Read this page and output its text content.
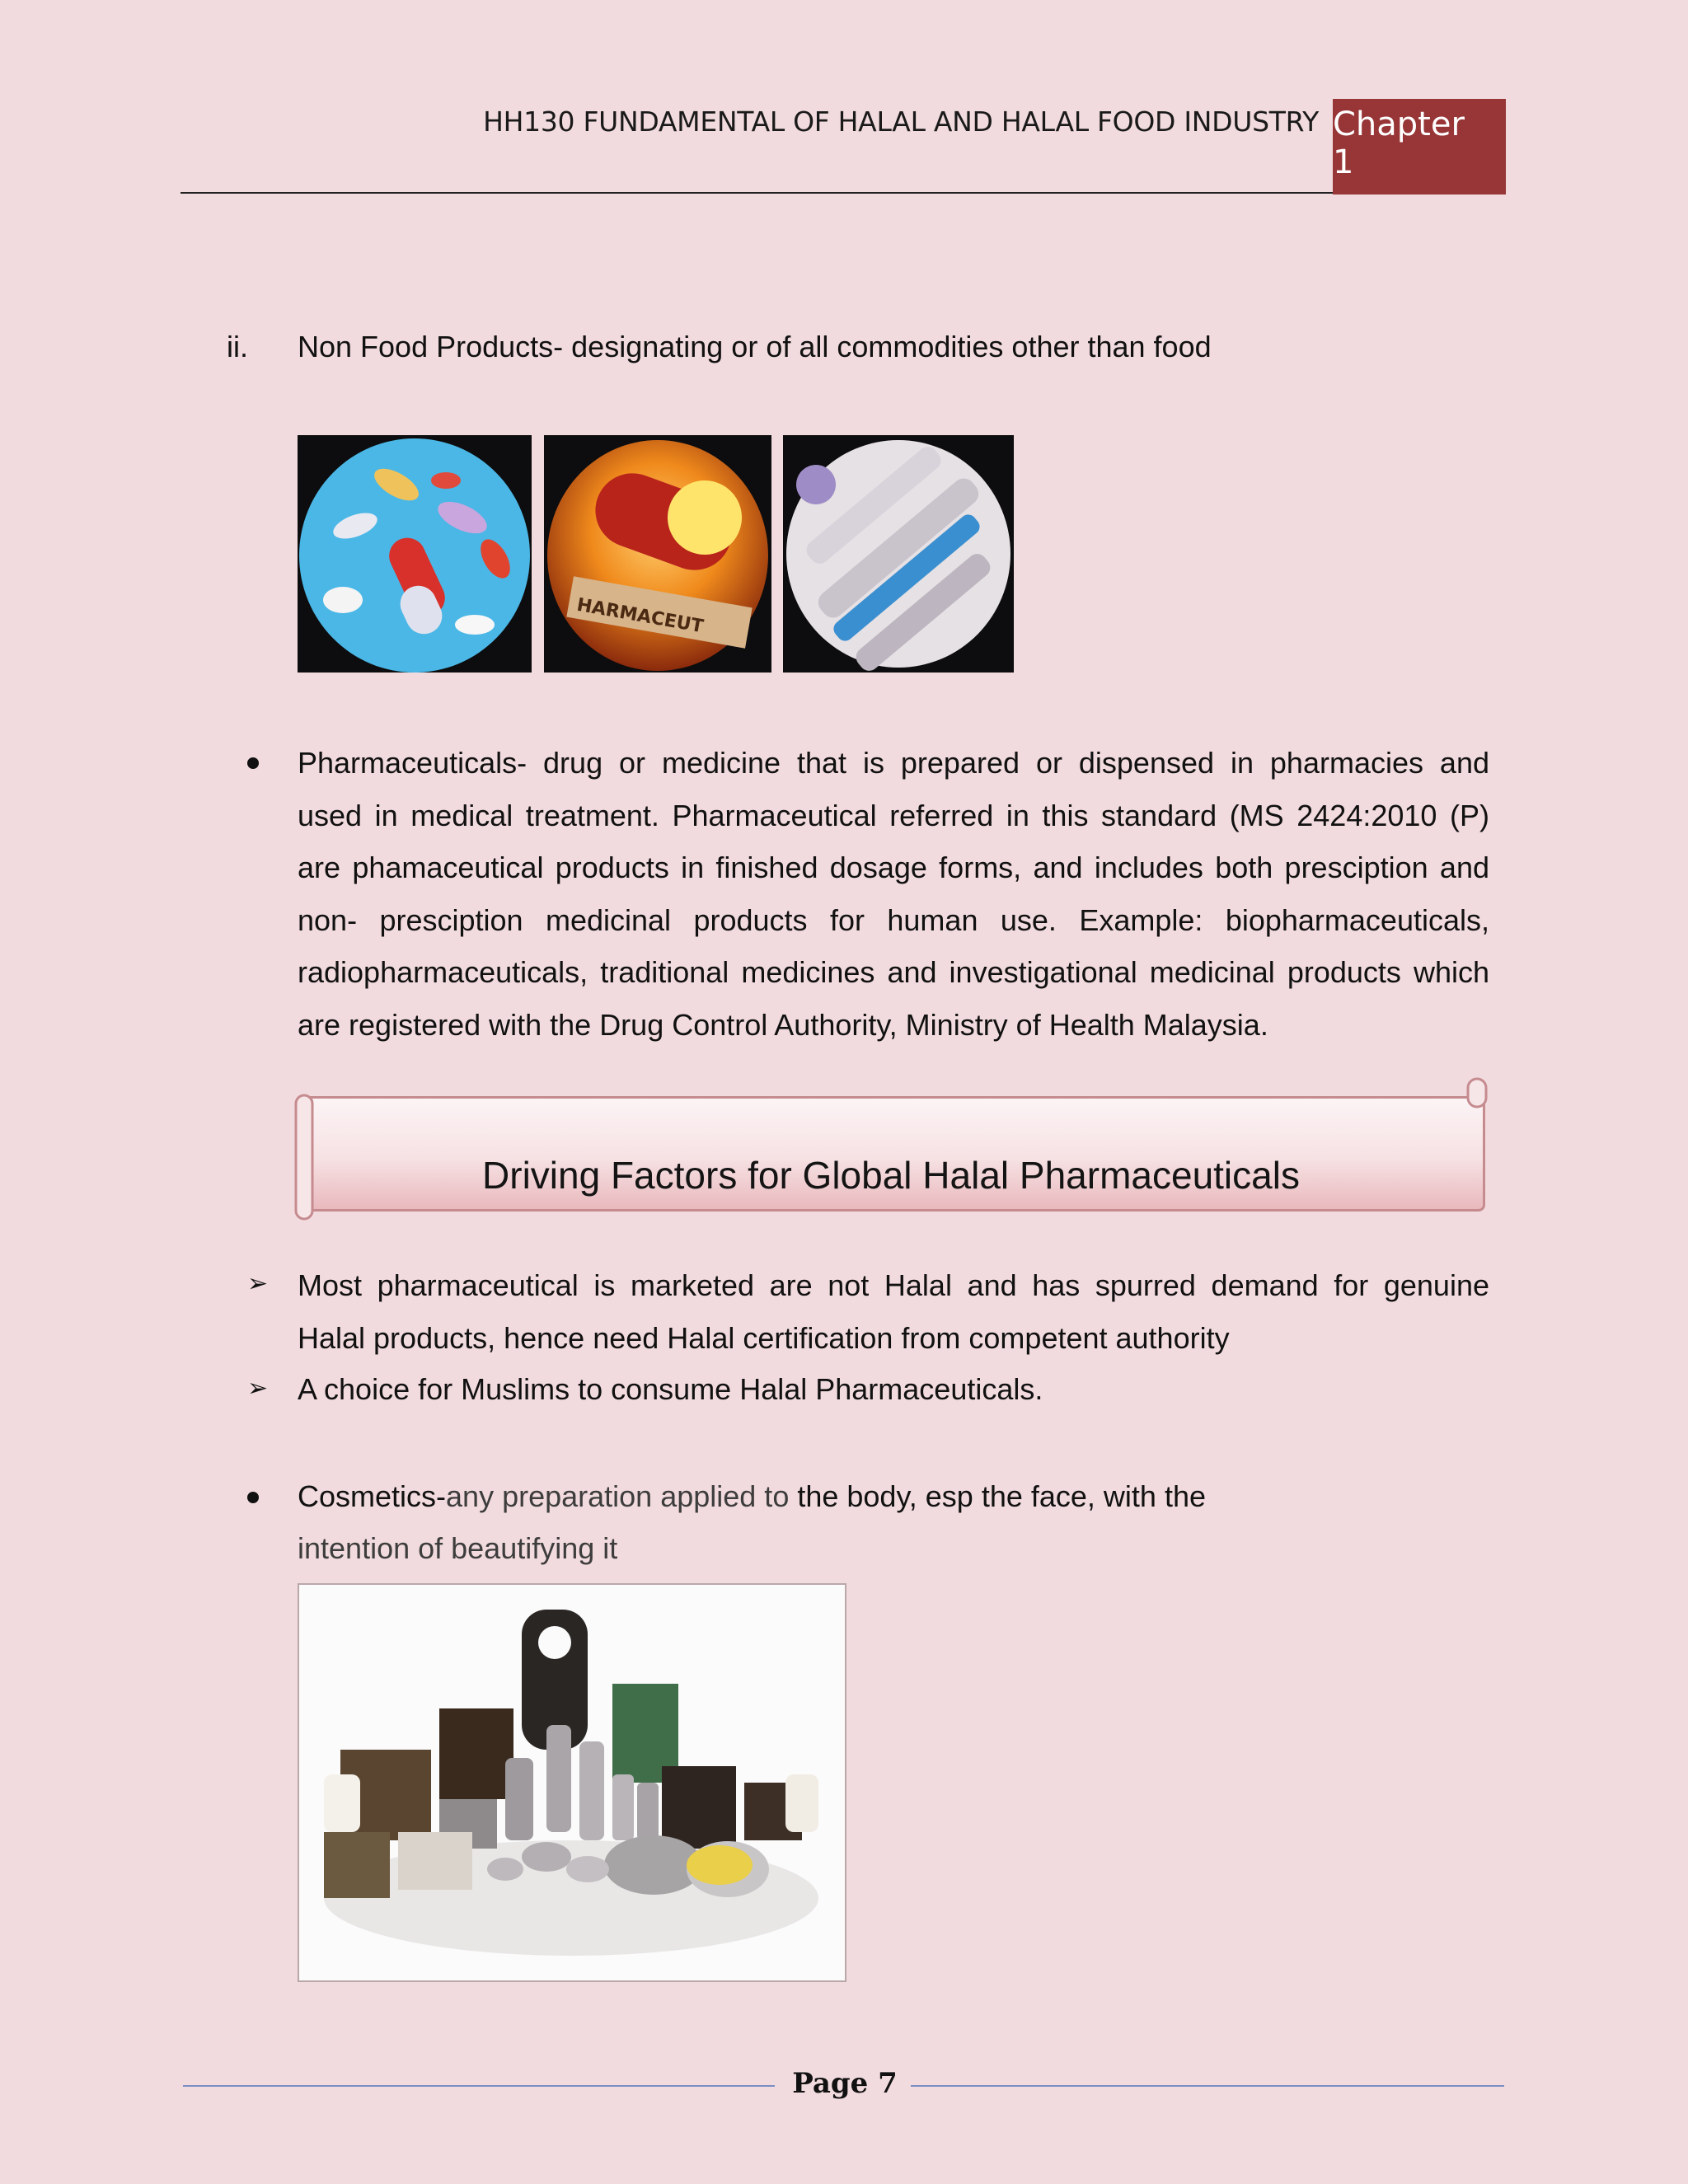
HH130 FUNDAMENTAL OF HALAL AND HALAL FOOD INDUSTRY Chapter 1
ii. Non Food Products- designating or of all commodities other than food
HARMACEUT
Pharmaceuticals- drug or medicine that is prepared or dispensed in pharmacies and
used in medical treatment. Pharmaceutical referred in this standard (MS 2424:2010 (P)
are phamaceutical products in finished dosage forms, and includes both presciption and
non- presciption medicinal products for human use. Example: biopharmaceuticals,
radiopharmaceuticals, traditional medicines and investigational medicinal products which
are registered with the Drug Control Authority, Ministry of Health Malaysia.
Driving Factors for Global Halal Pharmaceuticals
➢ Most pharmaceutical is marketed are not Halal and has spurred demand for genuine
Halal products, hence need Halal certification from competent authority
➢ A choice for Muslims to consume Halal Pharmaceuticals.
Cosmetics-any preparation applied to the body, esp the face, with the
intention of beautifying it
Page 7
